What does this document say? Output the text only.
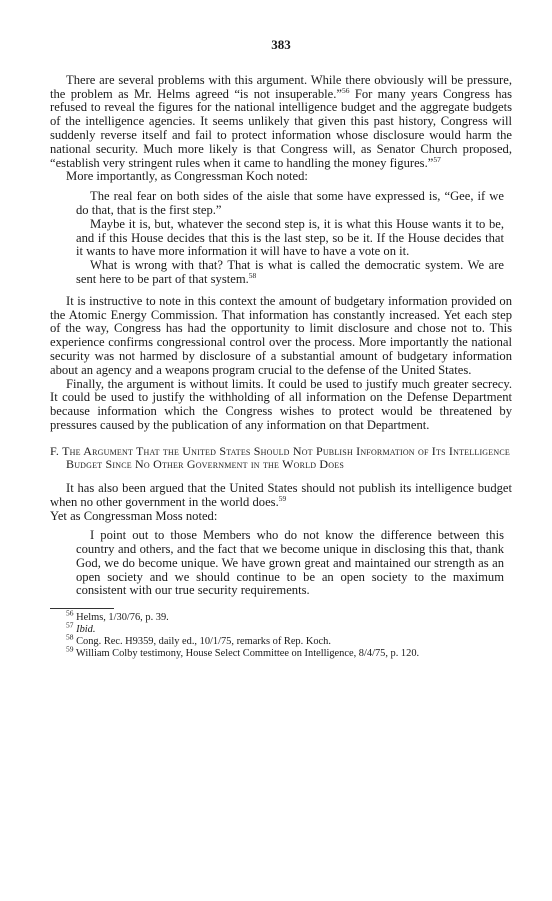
383

There are several problems with this argument. While there obviously will be pressure, the problem as Mr. Helms agreed “is not insuperable.”$^{56}$ For many years Congress has refused to reveal the figures for the national intelligence budget and the aggregate budgets of the intelligence agencies. It seems unlikely that given this past history, Congress will suddenly reverse itself and fail to protect information whose disclosure would harm the national security. Much more likely is that Congress will, as Senator Church proposed, “establish very stringent rules when it came to handling the money figures.”$^{57}$

More importantly, as Congressman Koch noted:

The real fear on both sides of the aisle that some have expressed is, “Gee, if we do that, that is the first step.”

Maybe it is, but, whatever the second step is, it is what this House wants it to be, and if this House decides that this is the last step, so be it. If the House decides that it wants to have more information it will have to have a vote on it.

What is wrong with that? That is what is called the democratic system. We are sent here to be part of that system.$^{58}$

It is instructive to note in this context the amount of budgetary information provided on the Atomic Energy Commission. That information has constantly increased. Yet each step of the way, Congress has had the opportunity to limit disclosure and chose not to. This experience confirms congressional control over the process. More importantly the national security was not harmed by disclosure of a substantial amount of budgetary information about an agency and a weapons program crucial to the defense of the United States.

Finally, the argument is without limits. It could be used to justify much greater secrecy. It could be used to justify the withholding of all information on the Defense Department because information which the Congress wishes to protect would be threatened by pressures caused by the publication of any information on that Department.

F. The Argument That the United States Should Not Publish Information of Its Intelligence Budget Since No Other Government in the World Does

It has also been argued that the United States should not publish its intelligence budget when no other government in the world does.$^{59}$

Yet as Congressman Moss noted:

I point out to those Members who do not know the difference between this country and others, and the fact that we become unique in disclosing this that, thank God, we do become unique. We have grown great and maintained our strength as an open society and we should continue to be an open society to the maximum consistent with our true security requirements.

$^{56}$ Helms, 1/30/76, p. 39.
$^{57}$ Ibid.
$^{58}$ Cong. Rec. H9359, daily ed., 10/1/75, remarks of Rep. Koch.
$^{59}$ William Colby testimony, House Select Committee on Intelligence, 8/4/75, p. 120.
